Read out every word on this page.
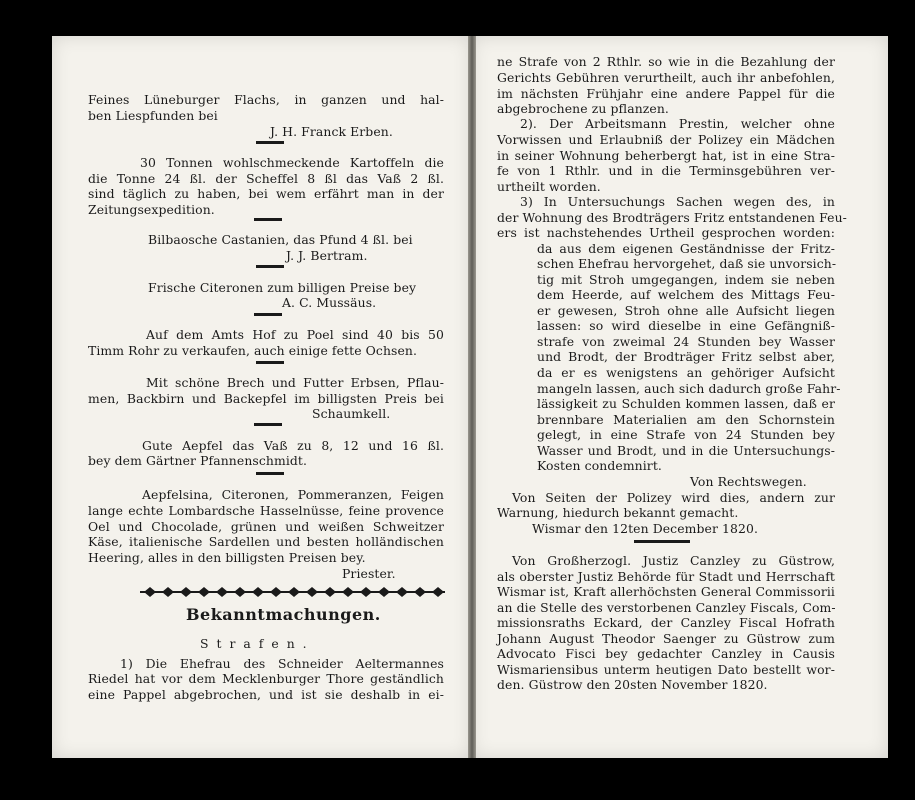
Feines Lüneburger Flachs, in ganzen und hal-
ben Liespfunden bei
J. H. Franck Erben.
30 Tonnen wohlschmeckende Kartoffeln die
die Tonne 24 ßl. der Scheffel 8 ßl das Vaß 2 ßl.
sind täglich zu haben, bei wem erfährt man in der
Zeitungsexpedition.
Bilbaosche Castanien, das Pfund 4 ßl. bei
J. J. Bertram.
Frische Citeronen zum billigen Preise bey
A. C. Mussäus.
Auf dem Amts Hof zu Poel sind 40 bis 50
Timm Rohr zu verkaufen, auch einige fette Ochsen.
Mit schöne Brech und Futter Erbsen, Pflau-
men, Backbirn und Backepfel im billigsten Preis bei
Schaumkell.
Gute Aepfel das Vaß zu 8, 12 und 16 ßl.
bey dem Gärtner Pfannenschmidt.
Aepfelsina, Citeronen, Pommeranzen, Feigen
lange echte Lombardsche Hasselnüsse, feine provence
Oel und Chocolade, grünen und weißen Schweitzer
Käse, italienische Sardellen und besten holländischen
Heering, alles in den billigsten Preisen bey.
Priester.
Bekanntmachungen.
Strafen.
1) Die Ehefrau des Schneider Aeltermannes
Riedel hat vor dem Mecklenburger Thore geständlich
eine Pappel abgebrochen, und ist sie deshalb in ei-
ne Strafe von 2 Rthlr. so wie in die Bezahlung der
Gerichts Gebühren verurtheilt, auch ihr anbefohlen,
im nächsten Frühjahr eine andere Pappel für die
abgebrochene zu pflanzen.
2). Der Arbeitsmann Prestin, welcher ohne
Vorwissen und Erlaubniß der Polizey ein Mädchen
in seiner Wohnung beherbergt hat, ist in eine Stra-
fe von 1 Rthlr. und in die Terminsgebühren ver-
urtheilt worden.
3) In Untersuchungs Sachen wegen des, in
der Wohnung des Brodträgers Fritz entstandenen Feu-
ers ist nachstehendes Urtheil gesprochen worden:
da aus dem eigenen Geständnisse der Fritz-
schen Ehefrau hervorgehet, daß sie unvorsich-
tig mit Stroh umgegangen, indem sie neben
dem Heerde, auf welchem des Mittags Feu-
er gewesen, Stroh ohne alle Aufsicht liegen
lassen: so wird dieselbe in eine Gefängniß-
strafe von zweimal 24 Stunden bey Wasser
und Brodt, der Brodträger Fritz selbst aber,
da er es wenigstens an gehöriger Aufsicht
mangeln lassen, auch sich dadurch große Fahr-
lässigkeit zu Schulden kommen lassen, daß er
brennbare Materialien am den Schornstein
gelegt, in eine Strafe von 24 Stunden bey
Wasser und Brodt, und in die Untersuchungs-
Kosten condemnirt.
Von Rechtswegen.
Von Seiten der Polizey wird dies, andern zur
Warnung, hiedurch bekannt gemacht.
Wismar den 12ten December 1820.
Von Großherzogl. Justiz Canzley zu Güstrow,
als oberster Justiz Behörde für Stadt und Herrschaft
Wismar ist, Kraft allerhöchsten General Commissorii
an die Stelle des verstorbenen Canzley Fiscals, Com-
missionsraths Eckard, der Canzley Fiscal Hofrath
Johann August Theodor Saenger zu Güstrow zum
Advocato Fisci bey gedachter Canzley in Causis
Wismariensibus unterm heutigen Dato bestellt wor-
den. Güstrow den 20sten November 1820.
